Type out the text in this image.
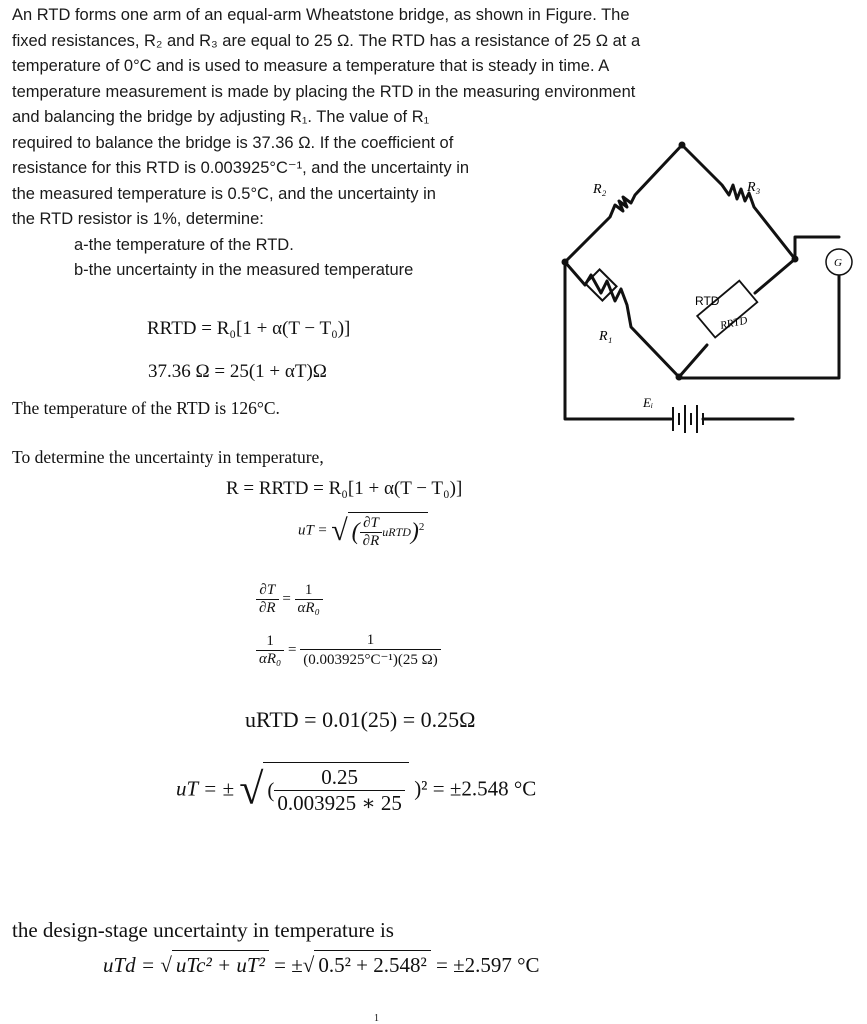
An RTD forms one arm of an equal-arm Wheatstone bridge, as shown in Figure. The
fixed resistances, R₂ and R₃ are equal to 25 Ω. The RTD has a resistance of 25 Ω at a
temperature of 0°C and is used to measure a temperature that is steady in time. A
temperature measurement is made by placing the RTD in the measuring environment
and balancing the bridge by adjusting R₁. The value of R₁
required to balance the bridge is 37.36 Ω. If the coefficient of
resistance for this RTD is 0.003925°C⁻¹, and the uncertainty in
the measured temperature is 0.5°C, and the uncertainty in
the RTD resistor is 1%, determine:
a-the temperature of the RTD.
b-the uncertainty in the measured temperature
R₂	R₃
R₁
RTD
RRTD
G
Eᵢ
RRTD = R₀[1 + α(T − T₀)]
37.36 Ω = 25(1 + αT)Ω
The temperature of the RTD is 126°C.
To determine the uncertainty in temperature,
R = RRTD = R₀[1 + α(T − T₀)]
uT = √ ( $\frac{\partial T}{\partial R}$ uRTD)$^2$
$\frac{\partial T}{\partial R} = \frac{1}{\text{αR₀}}$
$\frac{1}{\text{αR₀}} = \frac{1}{\text{(0.003925°C⁻¹)(25 Ω)}}$
uRTD = 0.01(25) = 0.25Ω
uT = ± √ ( $\frac{0.25}{0.003925 ∗ 25} )^2 = \pm 2.548$ °C
the design-stage uncertainty in temperature is
uTd = √ uTc² + uT² = ±√ 0.5² + 2.548² = ±2.597 °C
1
